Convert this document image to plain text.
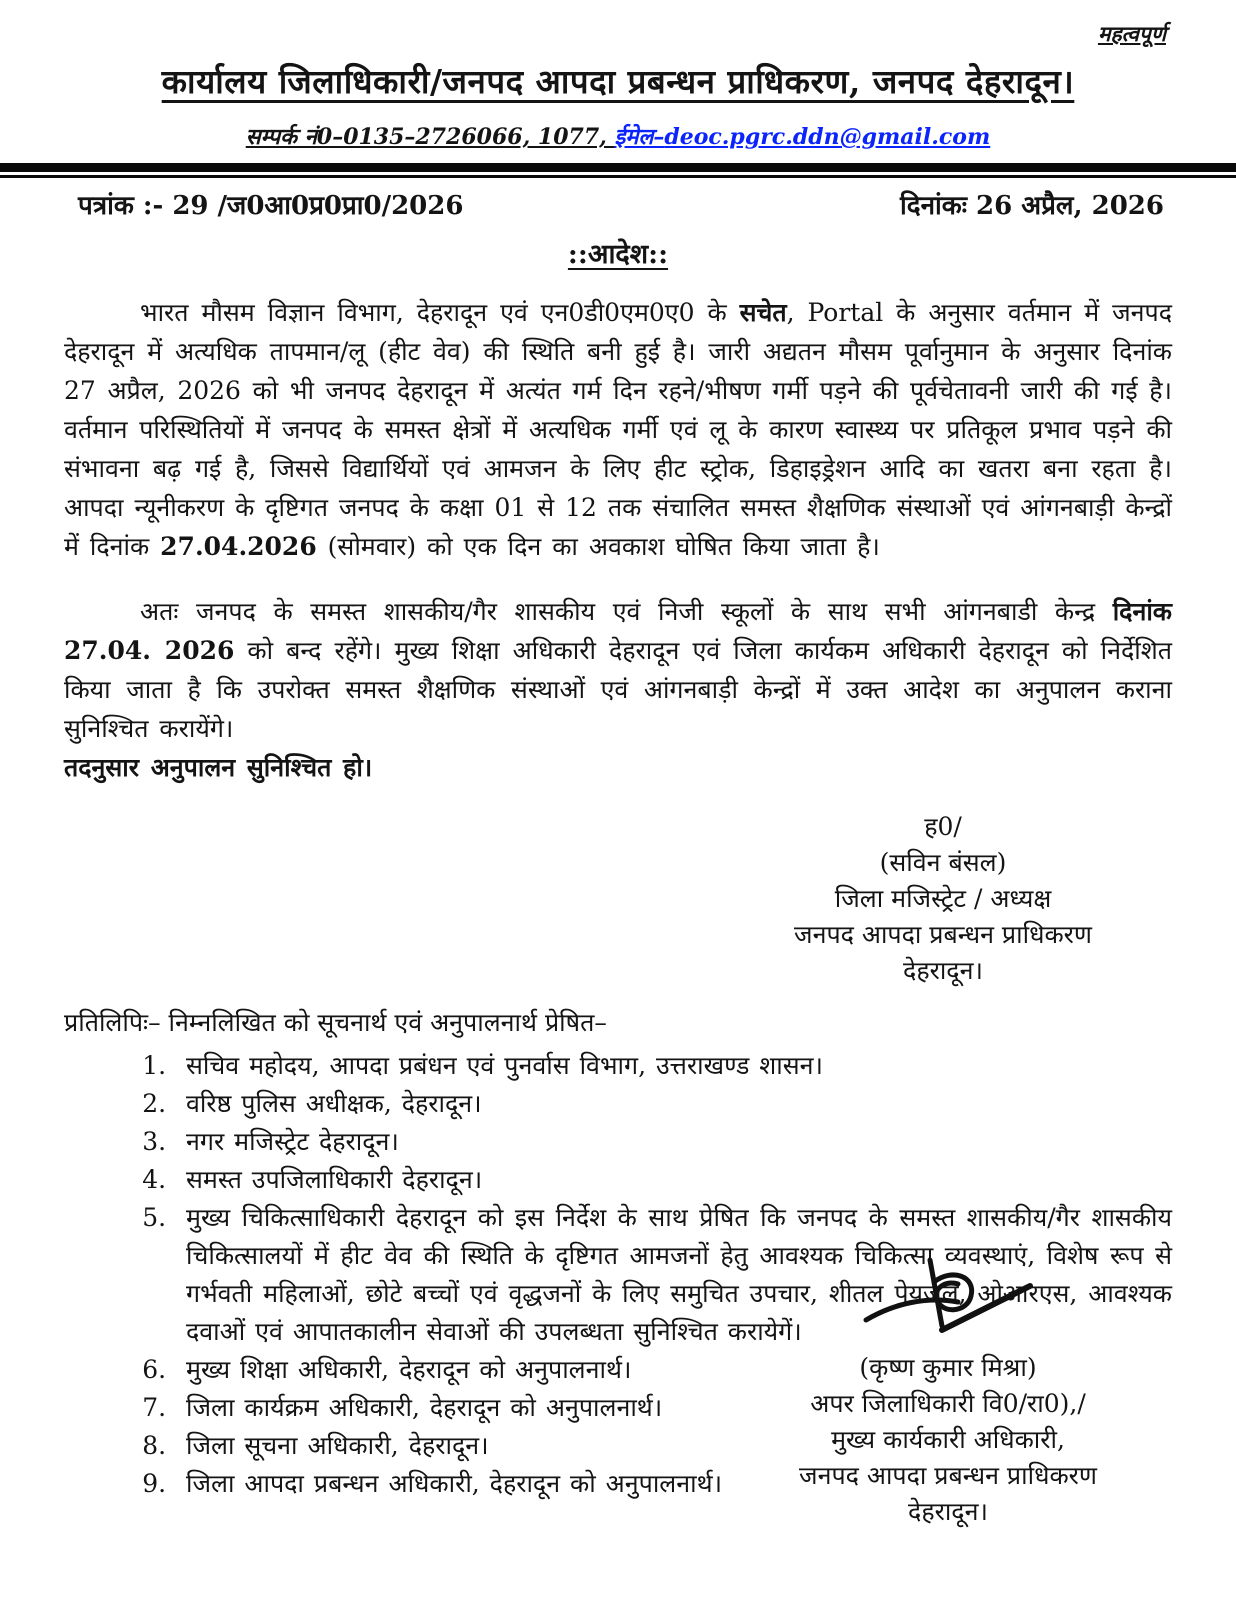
महत्वपूर्ण
कार्यालय जिलाधिकारी/जनपद आपदा प्रबन्धन प्राधिकरण, जनपद देहरादून।
सम्पर्क नं0–0135–2726066, 1077, ईमेल–deoc.pgrc.ddn@gmail.com
पत्रांक :- 29 /ज0आ0प्र0प्रा0/2026	दिनांकः 26 अप्रैल, 2026
::आदेश::

भारत मौसम विज्ञान विभाग, देहरादून एवं एन0डी0एम0ए0 के सचेत, Portal के अनुसार वर्तमान में जनपद देहरादून में अत्यधिक तापमान/लू (हीट वेव) की स्थिति बनी हुई है। जारी अद्यतन मौसम पूर्वानुमान के अनुसार दिनांक 27 अप्रैल, 2026 को भी जनपद देहरादून में अत्यंत गर्म दिन रहने/भीषण गर्मी पड़ने की पूर्वचेतावनी जारी की गई है। वर्तमान परिस्थितियों में जनपद के समस्त क्षेत्रों में अत्यधिक गर्मी एवं लू के कारण स्वास्थ्य पर प्रतिकूल प्रभाव पड़ने की संभावना बढ़ गई है, जिससे विद्यार्थियों एवं आमजन के लिए हीट स्ट्रोक, डिहाइड्रेशन आदि का खतरा बना रहता है। आपदा न्यूनीकरण के दृष्टिगत जनपद के कक्षा 01 से 12 तक संचालित समस्त शैक्षणिक संस्थाओं एवं आंगनबाड़ी केन्द्रों में दिनांक 27.04.2026 (सोमवार) को एक दिन का अवकाश घोषित किया जाता है।

अतः जनपद के समस्त शासकीय/गैर शासकीय एवं निजी स्कूलों के साथ सभी आंगनबाडी केन्द्र दिनांक 27.04. 2026 को बन्द रहेंगे। मुख्य शिक्षा अधिकारी देहरादून एवं जिला कार्यकम अधिकारी देहरादून को निर्देशित किया जाता है कि उपरोक्त समस्त शैक्षणिक संस्थाओं एवं आंगनबाड़ी केन्द्रों में उक्त आदेश का अनुपालन कराना सुनिश्चित करायेंगे।

तदनुसार अनुपालन सुनिश्चित हो।

ह0/
(सविन बंसल)
जिला मजिस्ट्रेट / अध्यक्ष
जनपद आपदा प्रबन्धन प्राधिकरण
देहरादून।
प्रतिलिपिः– निम्नलिखित को सूचनार्थ एवं अनुपालनार्थ प्रेषित–
1. सचिव महोदय, आपदा प्रबंधन एवं पुनर्वास विभाग, उत्तराखण्ड शासन।
2. वरिष्ठ पुलिस अधीक्षक, देहरादून।
3. नगर मजिस्ट्रेट देहरादून।
4. समस्त उपजिलाधिकारी देहरादून।
5. मुख्य चिकित्साधिकारी देहरादून को इस निर्देश के साथ प्रेषित कि जनपद के समस्त शासकीय/गैर शासकीय चिकित्सालयों में हीट वेव की स्थिति के दृष्टिगत आमजनों हेतु आवश्यक चिकित्सा व्यवस्थाएं, विशेष रूप से गर्भवती महिलाओं, छोटे बच्चों एवं वृद्धजनों के लिए समुचित उपचार, शीतल पेयजल, ओआरएस, आवश्यक दवाओं एवं आपातकालीन सेवाओं की उपलब्धता सुनिश्चित करायेगें।
6. मुख्य शिक्षा अधिकारी, देहरादून को अनुपालनार्थ।
7. जिला कार्यक्रम अधिकारी, देहरादून को अनुपालनार्थ।
8. जिला सूचना अधिकारी, देहरादून।
9. जिला आपदा प्रबन्धन अधिकारी, देहरादून को अनुपालनार्थ।
(कृष्ण कुमार मिश्रा)
अपर जिलाधिकारी वि0/रा0),/
मुख्य कार्यकारी अधिकारी,
जनपद आपदा प्रबन्धन प्राधिकरण
देहरादून।
